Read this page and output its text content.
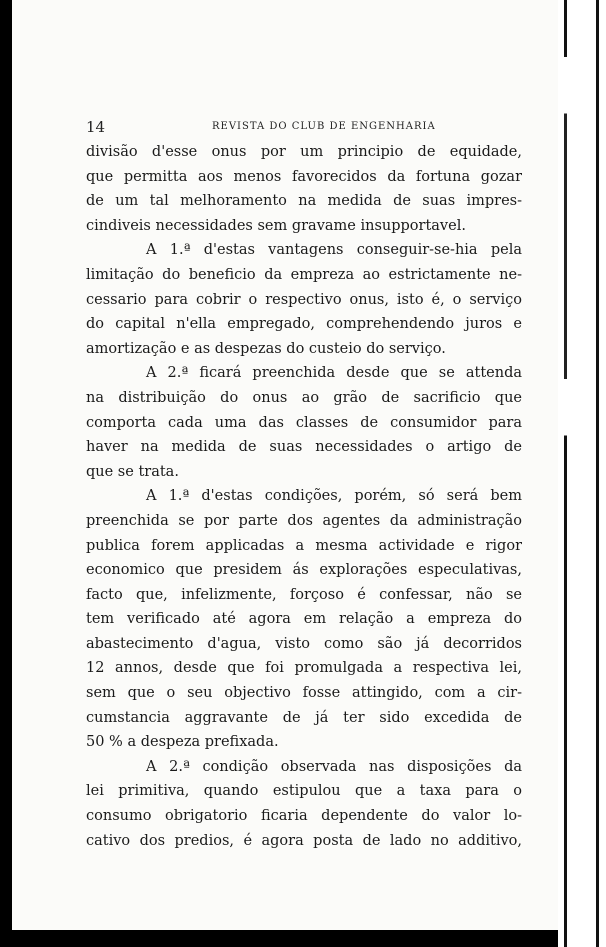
14	REVISTA DO CLUB DE ENGENHARIA
divisão d'esse onus por um principio de equidade,
que permitta aos menos favorecidos da fortuna gozar
de um tal melhoramento na medida de suas impres-
cindiveis necessidades sem gravame insupportavel.
A 1.ª d'estas vantagens conseguir-se-hia pela
limitação do beneficio da empreza ao estrictamente ne-
cessario para cobrir o respectivo onus, isto é, o serviço
do capital n'ella empregado, comprehendendo juros e
amortização e as despezas do custeio do serviço.
A 2.ª ficará preenchida desde que se attenda
na distribuição do onus ao grão de sacrificio que
comporta cada uma das classes de consumidor para
haver na medida de suas necessidades o artigo de
que se trata.
A 1.ª d'estas condições, porém, só será bem
preenchida se por parte dos agentes da administração
publica forem applicadas a mesma actividade e rigor
economico que presidem ás explorações especulativas,
facto que, infelizmente, forçoso é confessar, não se
tem verificado até agora em relação a empreza do
abastecimento d'agua, visto como são já decorridos
12 annos, desde que foi promulgada a respectiva lei,
sem que o seu objectivo fosse attingido, com a cir-
cumstancia aggravante de já ter sido excedida de
50 % a despeza prefixada.
A 2.ª condição observada nas disposições da
lei primitiva, quando estipulou que a taxa para o
consumo obrigatorio ficaria dependente do valor lo-
cativo dos predios, é agora posta de lado no additivo,
